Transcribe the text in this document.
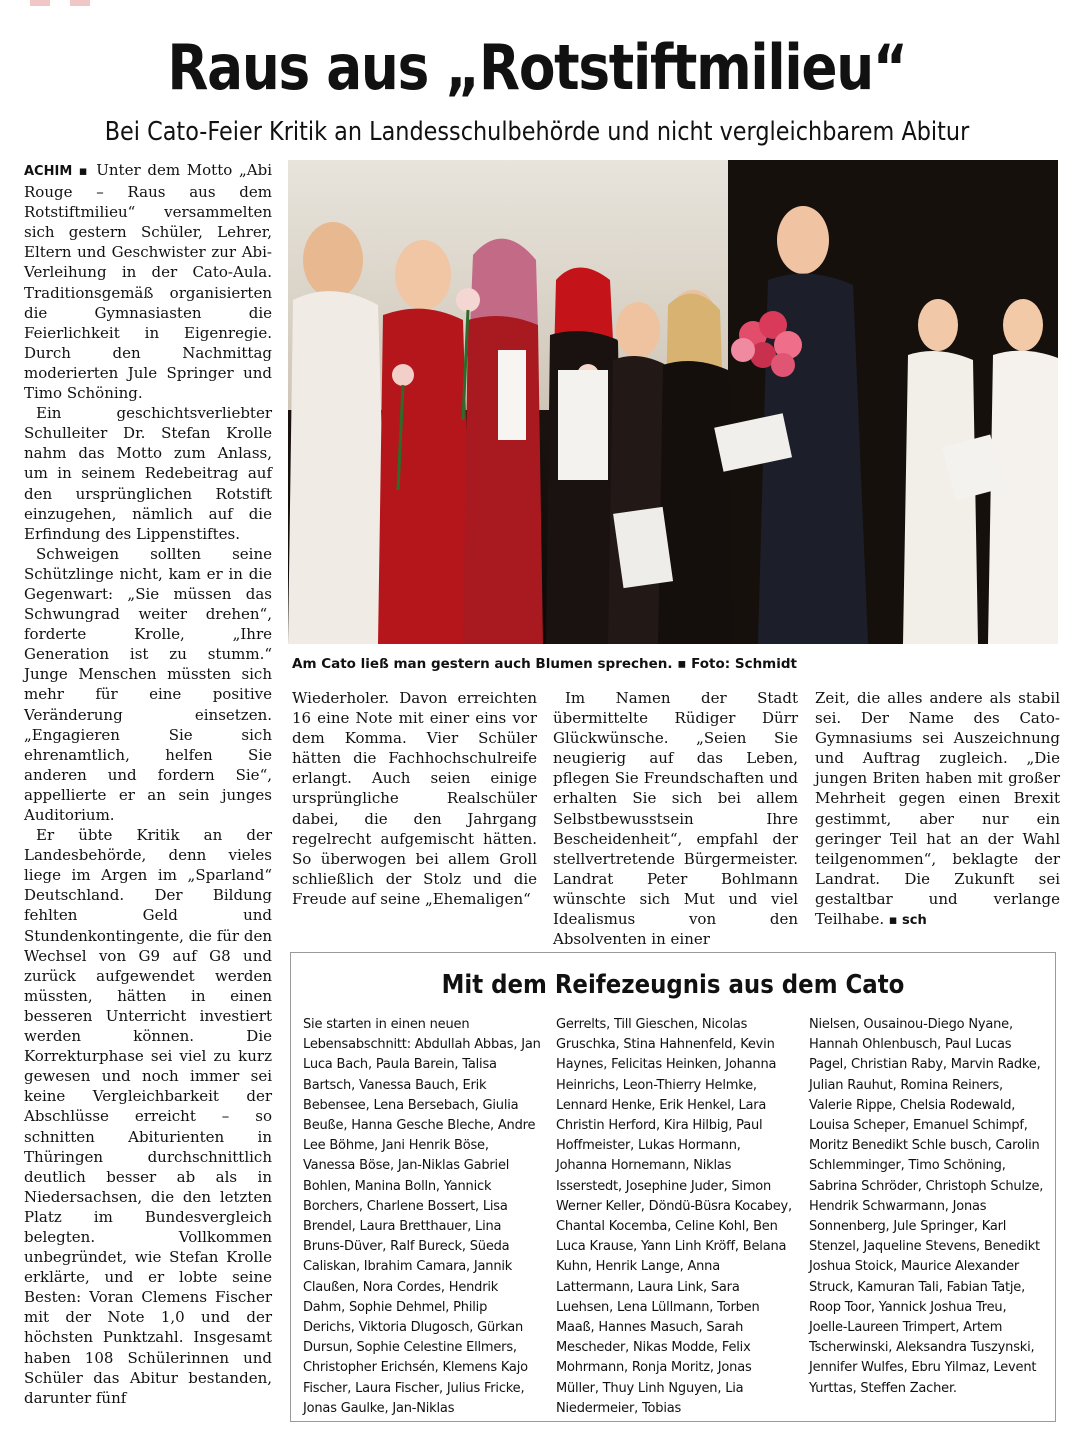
Raus aus „Rotstiftmilieu“
Bei Cato-Feier Kritik an Landesschulbehörde und nicht vergleichbarem Abitur

ACHIM ▪ Unter dem Motto „Abi Rouge – Raus aus dem Rotstiftmilieu“ versammelten sich gestern Schüler, Lehrer, Eltern und Geschwister zur Abi-Verleihung in der Cato-Aula. Traditionsgemäß organisierten die Gymnasiasten die Feierlichkeit in Eigenregie. Durch den Nachmittag moderierten Jule Springer und Timo Schöning.

Ein geschichtsverliebter Schulleiter Dr. Stefan Krolle nahm das Motto zum Anlass, um in seinem Redebeitrag auf den ursprünglichen Rotstift einzugehen, nämlich auf die Erfindung des Lippenstiftes.

Schweigen sollten seine Schützlinge nicht, kam er in die Gegenwart: „Sie müssen das Schwungrad weiter drehen“, forderte Krolle, „Ihre Generation ist zu stumm.“ Junge Menschen müssten sich mehr für eine positive Veränderung einsetzen. „Engagieren Sie sich ehrenamtlich, helfen Sie anderen und fordern Sie“, appellierte er an sein junges Auditorium.

Er übte Kritik an der Landesbehörde, denn vieles liege im Argen im „Sparland“ Deutschland. Der Bildung fehlten Geld und Stundenkontingente, die für den Wechsel von G9 auf G8 und zurück aufgewendet werden müssten, hätten in einen besseren Unterricht investiert werden können. Die Korrekturphase sei viel zu kurz gewesen und noch immer sei keine Vergleichbarkeit der Abschlüsse erreicht – so schnitten Abiturienten in Thüringen durchschnittlich deutlich besser ab als in Niedersachsen, die den letzten Platz im Bundesvergleich belegten. Vollkommen unbegründet, wie Stefan Krolle erklärte, und er lobte seine Besten: Voran Clemens Fischer mit der Note 1,0 und der höchsten Punktzahl. Insgesamt haben 108 Schülerinnen und Schüler das Abitur bestanden, darunter fünf

Am Cato ließ man gestern auch Blumen sprechen. ▪ Foto: Schmidt

Wiederholer. Davon erreichten 16 eine Note mit einer eins vor dem Komma. Vier Schüler hätten die Fachhochschulreife erlangt. Auch seien einige ursprüngliche Realschüler dabei, die den Jahrgang regelrecht aufgemischt hätten. So überwogen bei allem Groll schließlich der Stolz und die Freude auf seine „Ehemaligen“

Im Namen der Stadt übermittelte Rüdiger Dürr Glückwünsche. „Seien Sie neugierig auf das Leben, pflegen Sie Freundschaften und erhalten Sie sich bei allem Selbstbewusstsein Ihre Bescheidenheit“, empfahl der stellvertretende Bürgermeister. Landrat Peter Bohlmann wünschte sich Mut und viel Idealismus von den Absolventen in einer

Zeit, die alles andere als stabil sei. Der Name des Cato-Gymnasiums sei Auszeichnung und Auftrag zugleich. „Die jungen Briten haben mit großer Mehrheit gegen einen Brexit gestimmt, aber nur ein geringer Teil hat an der Wahl teilgenommen“, beklagte der Landrat. Die Zukunft sei gestaltbar und verlange Teilhabe. ▪ sch

Mit dem Reifezeugnis aus dem Cato

Sie starten in einen neuen Lebensabschnitt: Abdullah Abbas, Jan Luca Bach, Paula Barein, Talisa Bartsch, Vanessa Bauch, Erik Bebensee, Lena Bersebach, Giulia Beuße, Hanna Gesche Bleche, Andre Lee Böhme, Jani Henrik Böse, Vanessa Böse, Jan-Niklas Gabriel Bohlen, Manina Bolln, Yannick Borchers, Charlene Bossert, Lisa Brendel, Laura Bretthauer, Lina Bruns-Düver, Ralf Bureck, Süeda Caliskan, Ibrahim Camara, Jannik Claußen, Nora Cordes, Hendrik Dahm, Sophie Dehmel, Philip Derichs, Viktoria Dlugosch, Gürkan Dursun, Sophie Celestine Ellmers, Christopher Erichsén, Klemens Kajo Fischer, Laura Fischer, Julius Fricke, Jonas Gaulke, Jan-Niklas

Gerrelts, Till Gieschen, Nicolas Gruschka, Stina Hahnenfeld, Kevin Haynes, Felicitas Heinken, Johanna Heinrichs, Leon-Thierry Helmke, Lennard Henke, Erik Henkel, Lara Christin Herford, Kira Hilbig, Paul Hoffmeister, Lukas Hormann, Johanna Hornemann, Niklas Isserstedt, Josephine Juder, Simon Werner Keller, Döndü-Büsra Kocabey, Chantal Kocemba, Celine Kohl, Ben Luca Krause, Yann Linh Kröff, Belana Kuhn, Henrik Lange, Anna Lattermann, Laura Link, Sara Luehsen, Lena Lüllmann, Torben Maaß, Hannes Masuch, Sarah Mescheder, Nikas Modde, Felix Mohrmann, Ronja Moritz, Jonas Müller, Thuy Linh Nguyen, Lia Niedermeier, Tobias

Nielsen, Ousainou-Diego Nyane, Hannah Ohlenbusch, Paul Lucas Pagel, Christian Raby, Marvin Radke, Julian Rauhut, Romina Reiners, Valerie Rippe, Chelsia Rodewald, Louisa Scheper, Emanuel Schimpf, Moritz Benedikt Schle busch, Carolin Schlemminger, Timo Schöning, Sabrina Schröder, Christoph Schulze, Hendrik Schwarmann, Jonas Sonnenberg, Jule Springer, Karl Stenzel, Jaqueline Stevens, Benedikt Joshua Stoick, Maurice Alexander Struck, Kamuran Tali, Fabian Tatje, Roop Toor, Yannick Joshua Treu, Joelle-Laureen Trimpert, Artem Tscherwinski, Aleksandra Tuszynski, Jennifer Wulfes, Ebru Yilmaz, Levent Yurttas, Steffen Zacher.
